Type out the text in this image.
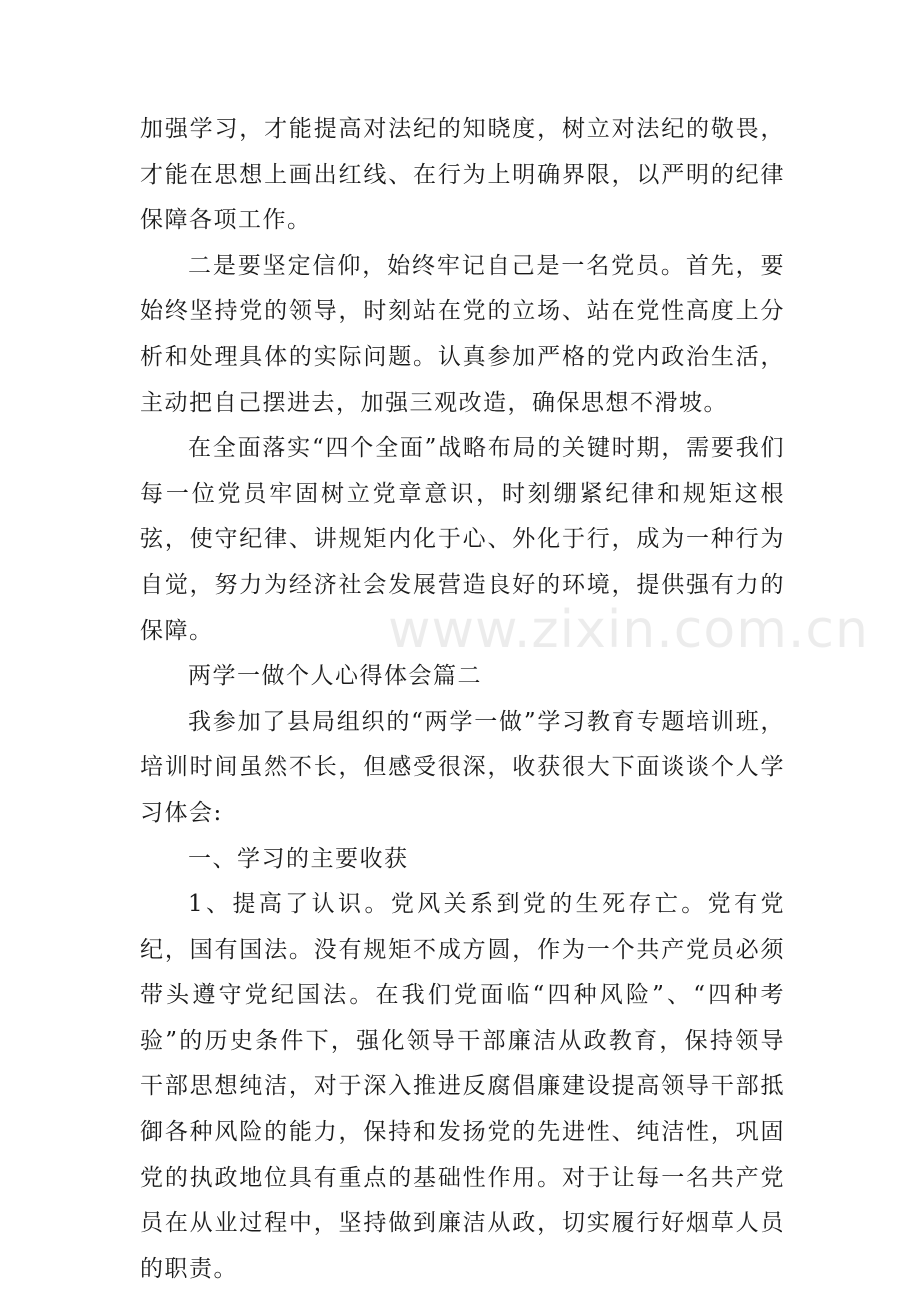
加强学习，才能提高对法纪的知晓度，树立对法纪的敬畏，才能在思想上画出红线、在行为上明确界限，以严明的纪律保障各项工作。

二是要坚定信仰，始终牢记自己是一名党员。首先，要始终坚持党的领导，时刻站在党的立场、站在党性高度上分析和处理具体的实际问题。认真参加严格的党内政治生活，主动把自己摆进去，加强三观改造，确保思想不滑坡。

在全面落实“四个全面”战略布局的关键时期，需要我们每一位党员牢固树立党章意识，时刻绷紧纪律和规矩这根弦，使守纪律、讲规矩内化于心、外化于行，成为一种行为自觉，努力为经济社会发展营造良好的环境，提供强有力的保障。

两学一做个人心得体会篇二

我参加了县局组织的“两学一做”学习教育专题培训班，培训时间虽然不长，但感受很深，收获很大下面谈谈个人学习体会:

一、学习的主要收获

1、提高了认识。党风关系到党的生死存亡。党有党纪，国有国法。没有规矩不成方圆，作为一个共产党员必须带头遵守党纪国法。在我们党面临“四种风险”、“四种考验”的历史条件下，强化领导干部廉洁从政教育，保持领导干部思想纯洁，对于深入推进反腐倡廉建设提高领导干部抵御各种风险的能力，保持和发扬党的先进性、纯洁性，巩固党的执政地位具有重点的基础性作用。对于让每一名共产党员在从业过程中，坚持做到廉洁从政，切实履行好烟草人员的职责。

www.zixin.com.cn
